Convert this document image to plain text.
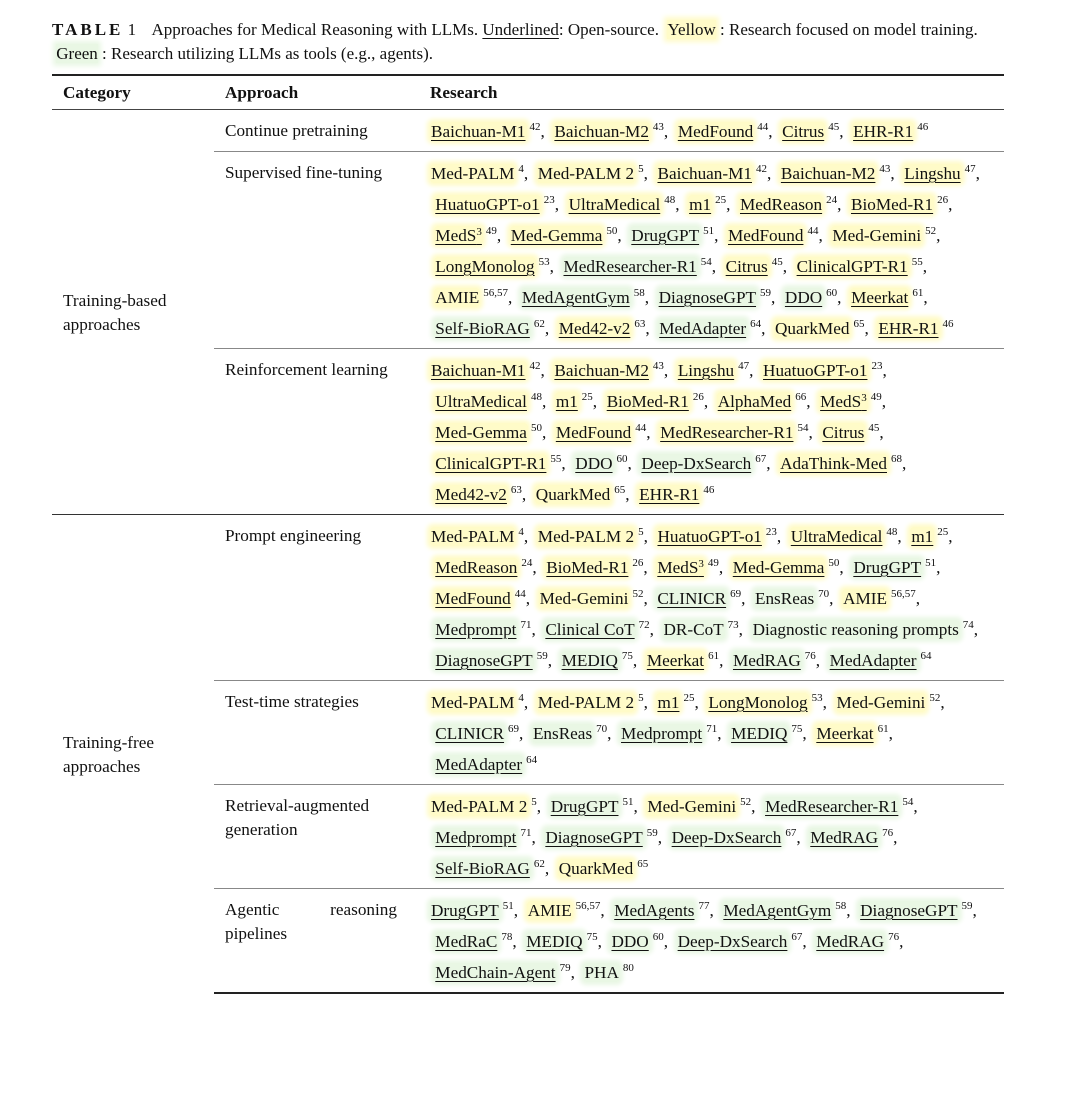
TABLE 1 Approaches for Medical Reasoning with LLMs. Underlined: Open-source. Yellow : Research focused on model training.  Green : Research utilizing LLMs as tools (e.g., agents).
Category	Approach	Research
Training-based approaches	Continue pretraining	Baichuan-M1 $^{42}$, Baichuan-M2 $^{43}$, MedFound $^{44}$, Citrus $^{45}$, EHR-R1 $^{46}$
	Supervised fine-tuning	Med-PALM $^4$, Med-PALM 2 $^5$, Baichuan-M1 $^{42}$, Baichuan-M2 $^{43}$, Lingshu $^{47}$,  HuatuoGPT-o1 $^{23}$, UltraMedical $^{48}$, m1 $^{25}$, MedReason $^{24}$, BioMed-R1 $^{26}$,  MedS$^3$ $^{49}$, Med-Gemma $^{50}$, DrugGPT $^{51}$, MedFound $^{44}$, Med-Gemini $^{52}$,  LongMonolog $^{53}$, MedResearcher-R1 $^{54}$, Citrus $^{45}$, ClinicalGPT-R1 $^{55}$,  AMIE $^{56,57}$, MedAgentGym $^{58}$, DiagnoseGPT $^{59}$, DDO $^{60}$, Meerkat $^{61}$,  Self-BioRAG $^{62}$, Med42-v2 $^{63}$, MedAdapter $^{64}$, QuarkMed $^{65}$, EHR-R1 $^{46}$
	Reinforcement learning	Baichuan-M1 $^{42}$, Baichuan-M2 $^{43}$, Lingshu $^{47}$, HuatuoGPT-o1 $^{23}$,  UltraMedical $^{48}$, m1 $^{25}$, BioMed-R1 $^{26}$, AlphaMed $^{66}$, MedS$^3$ $^{49}$,  Med-Gemma $^{50}$, MedFound $^{44}$, MedResearcher-R1 $^{54}$, Citrus $^{45}$,  ClinicalGPT-R1 $^{55}$, DDO $^{60}$, Deep-DxSearch $^{67}$, AdaThink-Med $^{68}$,  Med42-v2 $^{63}$, QuarkMed $^{65}$, EHR-R1 $^{46}$
Training-free approaches	Prompt engineering	Med-PALM $^4$, Med-PALM 2 $^5$, HuatuoGPT-o1 $^{23}$, UltraMedical $^{48}$, m1 $^{25}$,  MedReason $^{24}$, BioMed-R1 $^{26}$, MedS$^3$ $^{49}$, Med-Gemma $^{50}$, DrugGPT $^{51}$,  MedFound $^{44}$, Med-Gemini $^{52}$, CLINICR $^{69}$, EnsReas $^{70}$, AMIE $^{56,57}$,  Medprompt $^{71}$, Clinical CoT $^{72}$, DR-CoT $^{73}$, Diagnostic reasoning prompts $^{74}$,  DiagnoseGPT $^{59}$, MEDIQ $^{75}$, Meerkat $^{61}$, MedRAG $^{76}$, MedAdapter $^{64}$
	Test-time strategies	Med-PALM $^4$, Med-PALM 2 $^5$, m1 $^{25}$, LongMonolog $^{53}$, Med-Gemini $^{52}$,  CLINICR $^{69}$, EnsReas $^{70}$, Medprompt $^{71}$, MEDIQ $^{75}$, Meerkat $^{61}$,  MedAdapter $^{64}$
	Retrieval-augmented generation	Med-PALM 2 $^5$, DrugGPT $^{51}$, Med-Gemini $^{52}$, MedResearcher-R1 $^{54}$,  Medprompt $^{71}$, DiagnoseGPT $^{59}$, Deep-DxSearch $^{67}$, MedRAG $^{76}$,  Self-BioRAG $^{62}$, QuarkMed $^{65}$

	Agentic reasoning pipelines	DrugGPT $^{51}$, AMIE $^{56,57}$, MedAgents $^{77}$, MedAgentGym $^{58}$, DiagnoseGPT $^{59}$,  MedRaC $^{78}$, MEDIQ $^{75}$, DDO $^{60}$, Deep-DxSearch $^{67}$, MedRAG $^{76}$,  MedChain-Agent $^{79}$, PHA $^{80}$
